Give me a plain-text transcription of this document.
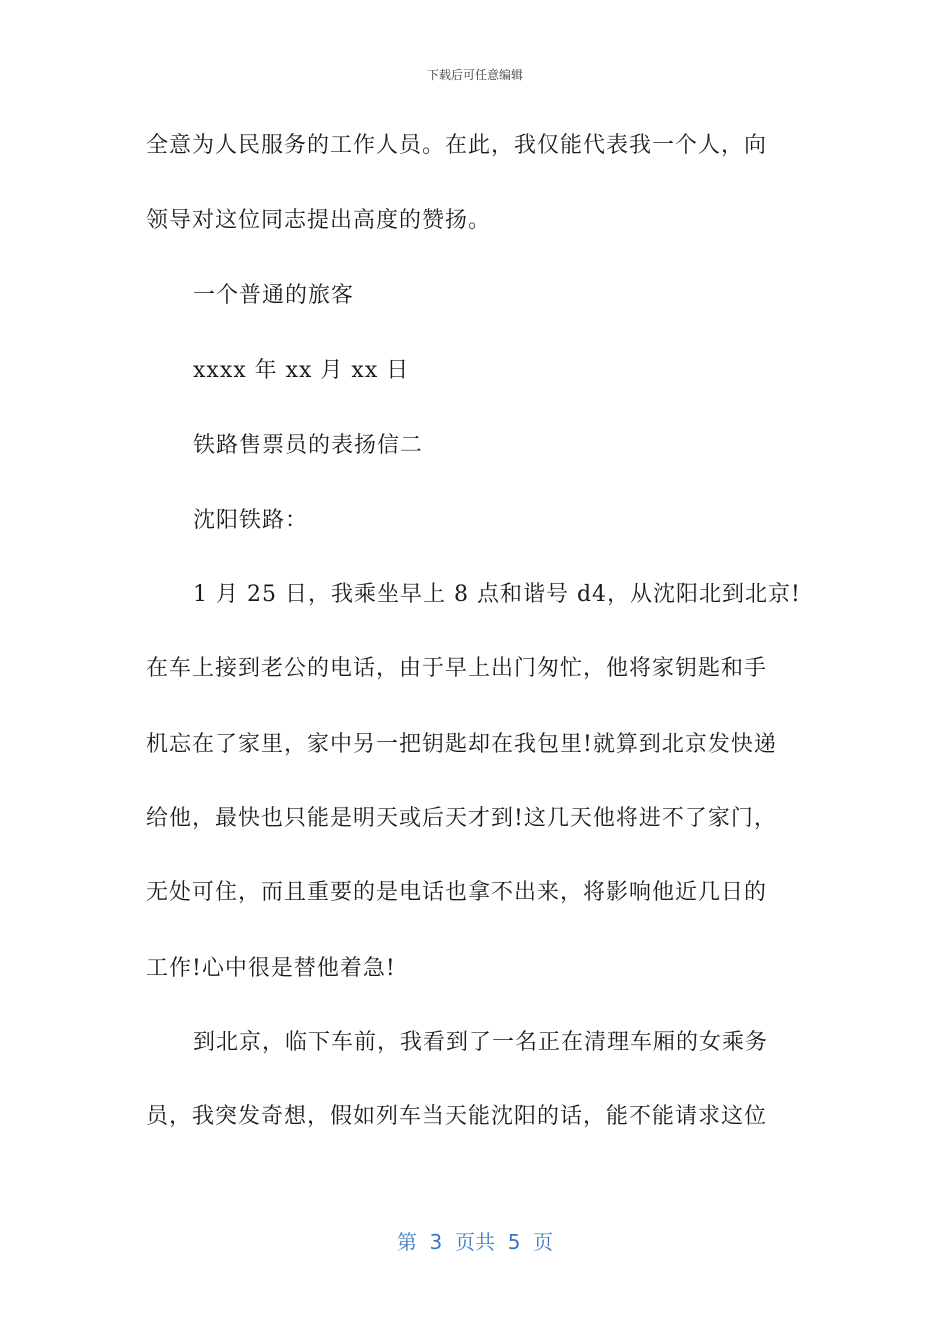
下载后可任意编辑

全意为人民服务的工作人员。在此，我仅能代表我一个人，向

领导对这位同志提出高度的赞扬。

一个普通的旅客

xxxx 年 xx 月 xx 日

铁路售票员的表扬信二

沈阳铁路：

1 月 25 日，我乘坐早上 8 点和谐号 d4，从沈阳北到北京!

在车上接到老公的电话，由于早上出门匆忙，他将家钥匙和手

机忘在了家里，家中另一把钥匙却在我包里!就算到北京发快递

给他，最快也只能是明天或后天才到!这几天他将进不了家门，

无处可住，而且重要的是电话也拿不出来，将影响他近几日的

工作!心中很是替他着急!

到北京，临下车前，我看到了一名正在清理车厢的女乘务

员，我突发奇想，假如列车当天能沈阳的话，能不能请求这位

第  3  页共  5  页
